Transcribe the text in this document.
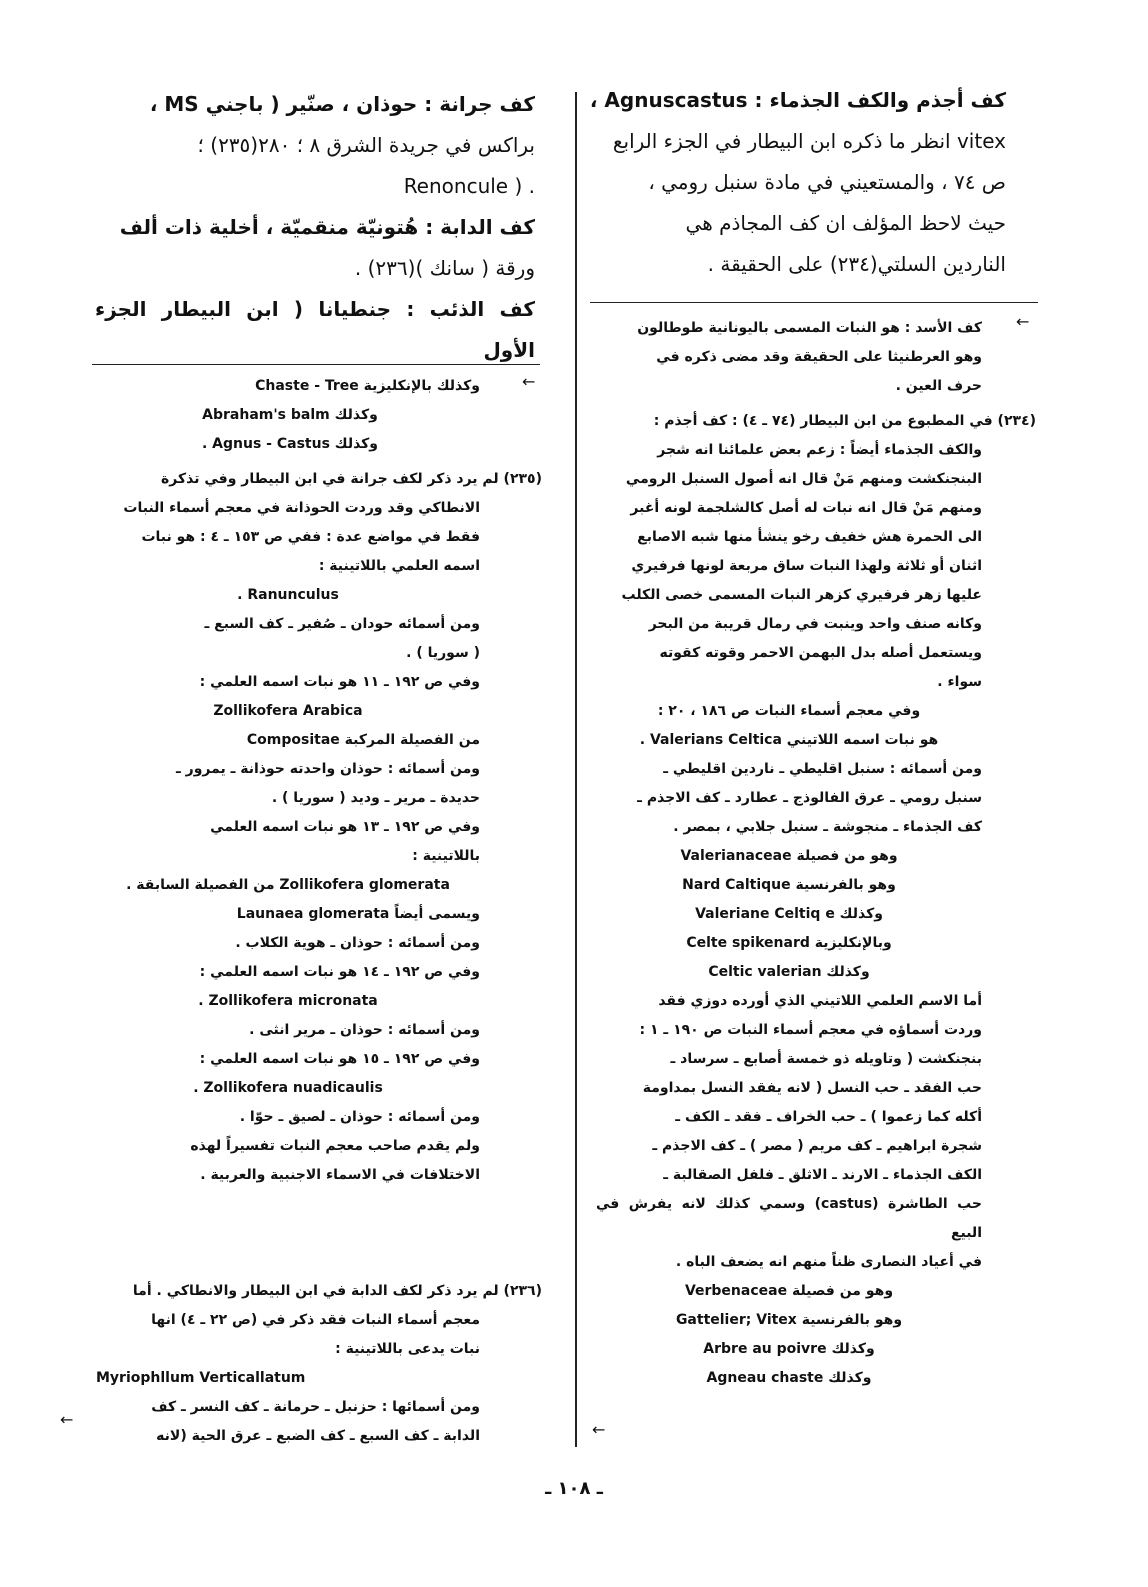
كف أجذم والكف الجذماء : Agnuscastus ،

vitex انظر ما ذكره ابن البيطار في الجزء الرابع

ص ٧٤ ، والمستعيني في مادة سنبل رومي ،

حيث لاحظ المؤلف ان كف المجاذم هي

الناردين السلتي(٢٣٤) على الحقيقة .

كف جرانة : حوذان ، صنّير ( باجني MS ،

براكس في جريدة الشرق ٨ ؛ ٢٨٠(٢٣٥) ؛

. ( Renoncule

كف الدابة : هُتونيّة منقميّة ، أخلية ذات ألف

ورقة ( سانك )(٢٣٦) .

كف الذئب : جنطيانا ( ابن البيطار الجزء الأول

←
←
←
←

كف الأسد : هو النبات المسمى باليونانية طوطالون

وهو العرطنيثا على الحقيقة وقد مضى ذكره في

حرف العين .

(٢٣٤) في المطبوع من ابن البيطار (٧٤ ـ ٤) : كف أجذم :

والكف الجذماء أيضاً : زعم بعض علمائنا انه شجر

البنجنكشت ومنهم مَنْ قال انه أصول السنبل الرومي

ومنهم مَنْ قال انه نبات له أصل كالشلجمة لونه أغبر

الى الحمرة هش خفيف رخو ينشأ منها شبه الاصابع

اثنان أو ثلاثة ولهذا النبات ساق مربعة لونها فرفيري

عليها زهر فرفيري كزهر النبات المسمى خصى الكلب

وكانه صنف واحد وينبت في رمال قريبة من البحر

ويستعمل أصله بدل البهمن الاحمر وقوته كقوته

سواء .

وفي معجم أسماء النبات ص ١٨٦ ، ٢٠ :

هو نبات اسمه اللاتيني Valerians Celtica .

ومن أسمائه : سنبل اقليطي ـ ناردين اقليطي ـ

سنبل رومي ـ عرق الفالوذج ـ عطارد ـ كف الاجذم ـ

كف الجذماء ـ منجوشة ـ سنبل جلابي ، بمصر .

وهو من فصيلة Valerianaceae

وهو بالفرنسية Nard Caltique

وكذلك Valeriane Celtiq e

وبالإنكليزية Celte spikenard

وكذلك Celtic valerian

أما الاسم العلمي اللاتيني الذي أورده دوزي فقد

وردت أسماؤه في معجم أسماء النبات ص ١٩٠ ـ ١ :

بنجنكشت ( وتاويله ذو خمسة أصابع ـ سرساد ـ

حب الفقد ـ حب النسل ( لانه يفقد النسل بمداومة

أكله كما زعموا ) ـ حب الخراف ـ فقد ـ الكف ـ

شجرة ابراهيم ـ كف مريم ( مصر ) ـ كف الاجذم ـ

الكف الجذماء ـ الارند ـ الاثلق ـ فلفل الصقالبة ـ

حب الطاشرة (castus) وسمي كذلك لانه يفرش في البيع

في أعياد النصارى ظناً منهم انه يضعف الباه .

وهو من فصيلة Verbenaceae

وهو بالفرنسية Gattelier; Vitex

وكذلك Arbre au poivre

وكذلك Agneau chaste

وكذلك بالإنكليزية Chaste - Tree

وكذلك Abraham's balm

وكذلك Agnus - Castus .

(٢٣٥) لم يرد ذكر لكف جرانة في ابن البيطار وفي تذكرة

الانطاكي وقد وردت الحوذانة في معجم أسماء النبات

فقط في مواضع عدة : ففي ص ١٥٣ ـ ٤ : هو نبات

اسمه العلمي باللاتينية :

Ranunculus .

ومن أسمائه حودان ـ صُفير ـ كف السبع ـ

( سوريا ) .

وفي ص ١٩٢ ـ ١١ هو نبات اسمه العلمي :

Zollikofera Arabica

من الفصيلة المركبة Compositae

ومن أسمائه : حوذان واحدته حوذانة ـ يمرور ـ

حديدة ـ مرير ـ وديد ( سوريا ) .

وفي ص ١٩٢ ـ ١٣ هو نبات اسمه العلمي

باللاتينية :

Zollikofera glomerata من الفصيلة السابقة .

ويسمى أيضاً Launaea glomerata

ومن أسمائه : حوذان ـ هوية الكلاب .

وفي ص ١٩٢ ـ ١٤ هو نبات اسمه العلمي :

Zollikofera micronata .

ومن أسمائه : حوذان ـ مرير انثى .

وفي ص ١٩٢ ـ ١٥ هو نبات اسمه العلمي :

Zollikofera nuadicaulis .

ومن أسمائه : حوذان ـ لصيق ـ حوّا .

ولم يقدم صاحب معجم النبات تفسيراً لهذه

الاختلافات في الاسماء الاجنبية والعربية .

(٢٣٦) لم يرد ذكر لكف الدابة في ابن البيطار والانطاكي . أما

معجم أسماء النبات فقد ذكر في (ص ٢٢ ـ ٤) انها

نبات يدعى باللاتينية :

Myriophllum Verticallatum

ومن أسمائها : حزنبل ـ حرمانة ـ كف النسر ـ كف

الدابة ـ كف السبع ـ كف الضبع ـ عرق الحية (لانه

ـ ١٠٨ ـ
